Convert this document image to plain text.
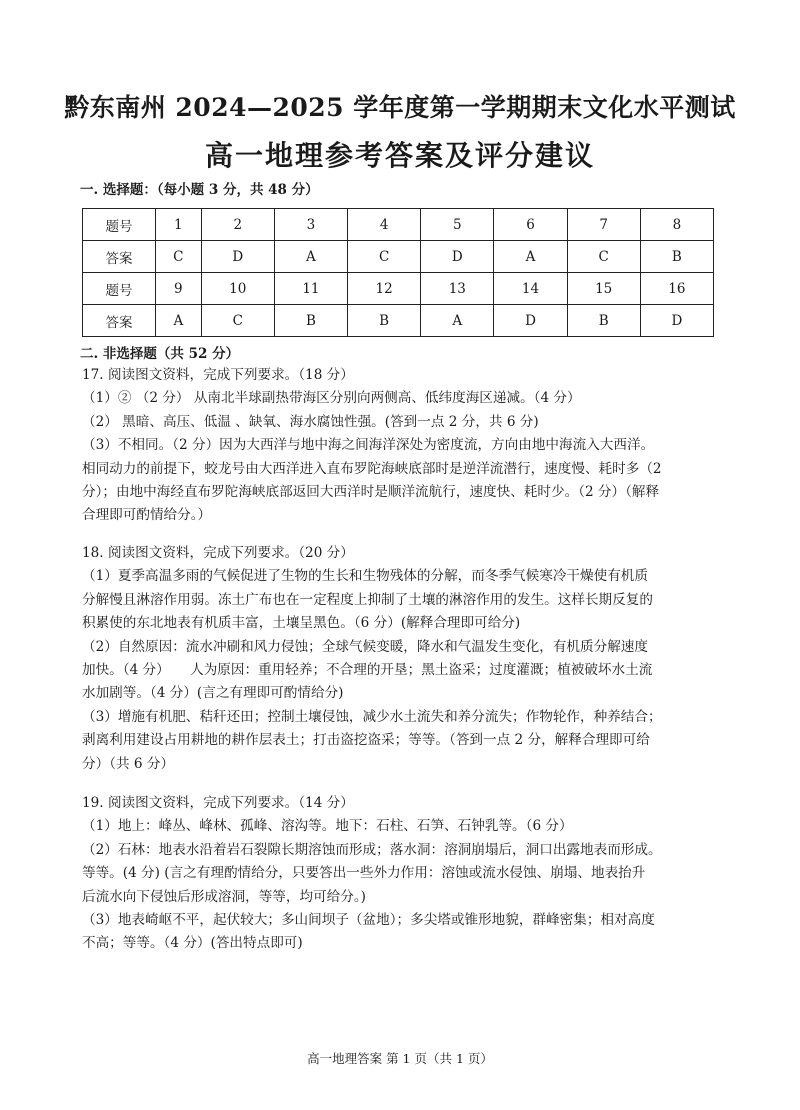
黔东南州 2024—2025 学年度第一学期期末文化水平测试
高一地理参考答案及评分建议
一. 选择题：（每小题 3 分，共 48 分）
题号	1	2	3	4	5	6	7	8
答案	C	D	A	C	D	A	C	B
题号	9	10	11	12	13	14	15	16
答案	A	C	B	B	A	D	B	D
二. 非选择题（共 52 分）

17. 阅读图文资料，完成下列要求。（18 分）

（1）② （2 分） 从南北半球副热带海区分别向两侧高、低纬度海区递减。（4 分）

（2） 黑暗、高压、低温 、缺氧、海水腐蚀性强。(答到一点 2 分，共 6 分)

（3）不相同。（2 分）因为大西洋与地中海之间海洋深处为密度流，方向由地中海流入大西洋。

相同动力的前提下，蛟龙号由大西洋进入直布罗陀海峡底部时是逆洋流潜行，速度慢、耗时多（2

分）；由地中海经直布罗陀海峡底部返回大西洋时是顺洋流航行，速度快、耗时少。（2 分）（解释

合理即可酌情给分。）

18. 阅读图文资料，完成下列要求。（20 分）

（1）夏季高温多雨的气候促进了生物的生长和生物残体的分解，而冬季气候寒冷干燥使有机质

分解慢且淋溶作用弱。冻土广布也在一定程度上抑制了土壤的淋溶作用的发生。这样长期反复的

积累使的东北地表有机质丰富，土壤呈黑色。（6 分）(解释合理即可给分)

（2）自然原因：流水冲刷和风力侵蚀；全球气候变暖，降水和气温发生变化，有机质分解速度

加快。（4 分）　　人为原因：重用轻养；不合理的开垦；黑土盗采；过度灌溉；植被破坏水土流

水加剧等。（4 分）(言之有理即可酌情给分)

（3）增施有机肥、秸秆还田；控制土壤侵蚀，减少水土流失和养分流失；作物轮作，种养结合；

剥离利用建设占用耕地的耕作层表土；打击盗挖盗采；等等。（答到一点 2 分，解释合理即可给

分）（共 6 分）

19. 阅读图文资料，完成下列要求。（14 分）

（1）地上：峰丛、峰林、孤峰、溶沟等。地下：石柱、石笋、石钟乳等。（6 分）

（2）石林：地表水沿着岩石裂隙长期溶蚀而形成；落水洞：溶洞崩塌后，洞口出露地表而形成。

等等。(4 分) (言之有理酌情给分，只要答出一些外力作用：溶蚀或流水侵蚀、崩塌、地表抬升

后流水向下侵蚀后形成溶洞，等等，均可给分。)

（3）地表崎岖不平，起伏较大；多山间坝子（盆地）；多尖塔或锥形地貌，群峰密集；相对高度

不高；等等。（4 分）(答出特点即可)

高一地理答案 第 1 页（共 1 页）
